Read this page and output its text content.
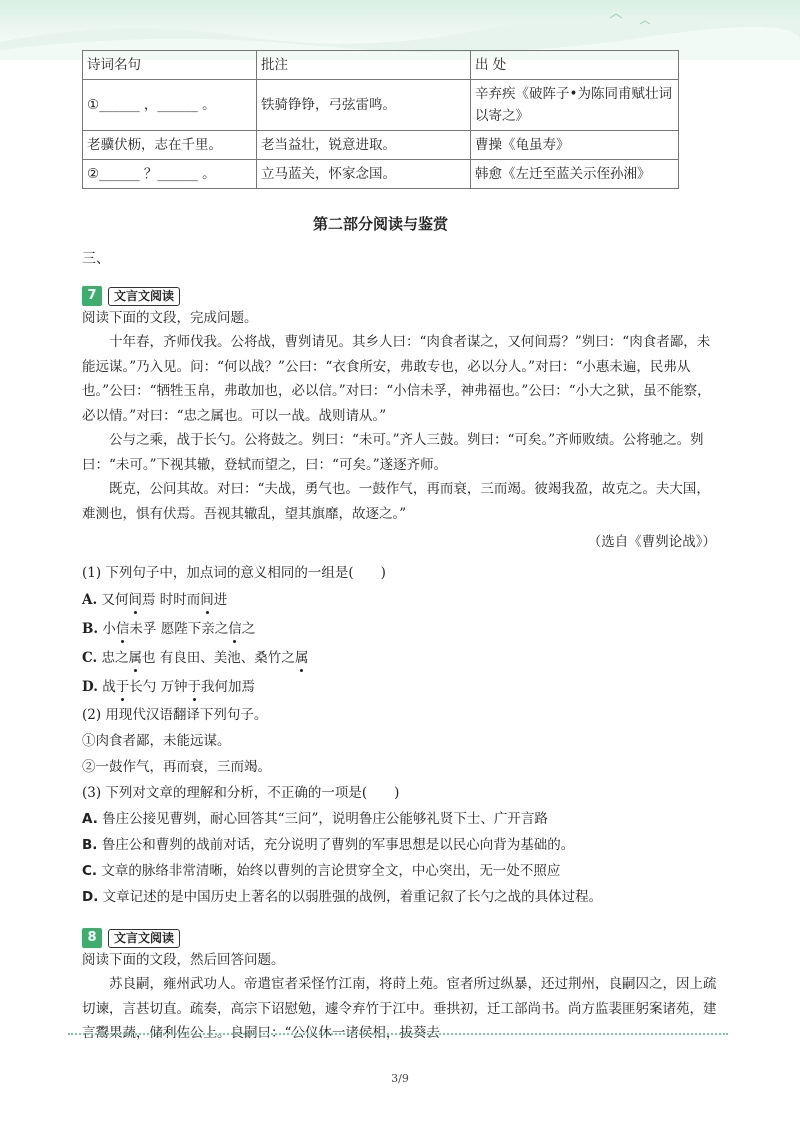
诗词名句	批注	出 处
①______ ，______ 。	铁骑铮铮，弓弦雷鸣。	辛弃疾《破阵子•为陈同甫赋壮词以寄之》
老骥伏枥，志在千里。	老当益壮，锐意进取。	曹操《龟虽寿》
②______ ？______ 。	立马蓝关，怀家念国。	韩愈《左迁至蓝关示侄孙湘》
第二部分阅读与鉴赏
三、
7	文言文阅读
阅读下面的文段，完成问题。
十年春，齐师伐我。公将战，曹刿请见。其乡人曰：“肉食者谋之，又何间焉？”刿曰：“肉食者鄙，未能远谋。”乃入见。问：“何以战？”公曰：“衣食所安，弗敢专也，必以分人。”对曰：“小惠未遍，民弗从也。”公曰：“牺牲玉帛，弗敢加也，必以信。”对曰：“小信未孚，神弗福也。”公曰：“小大之狱，虽不能察，必以情。”对曰：“忠之属也。可以一战。战则请从。”
公与之乘，战于长勺。公将鼓之。刿曰：“未可。”齐人三鼓。刿曰：“可矣。”齐师败绩。公将驰之。刿曰：“未可。”下视其辙，登轼而望之，曰：“可矣。”遂逐齐师。
既克，公问其故。对曰：“夫战，勇气也。一鼓作气，再而衰，三而竭。彼竭我盈，故克之。夫大国，难测也，惧有伏焉。吾视其辙乱，望其旗靡，故逐之。”
（选自《曹刿论战》）
(1) 下列句子中，加点词的意义相同的一组是(　　)
A. 又何间焉 时时而间进
B. 小信未孚 愿陛下亲之信之
C. 忠之属也 有良田、美池、桑竹之属
D. 战于长勺 万钟于我何加焉
(2) 用现代汉语翻译下列句子。
①肉食者鄙，未能远谋。
②一鼓作气，再而衰，三而竭。
(3) 下列对文章的理解和分析，不正确的一项是(　　)
A. 鲁庄公接见曹刿，耐心回答其“三问”，说明鲁庄公能够礼贤下士、广开言路
B. 鲁庄公和曹刿的战前对话，充分说明了曹刿的军事思想是以民心向背为基础的。
C. 文章的脉络非常清晰，始终以曹刿的言论贯穿全文，中心突出，无一处不照应
D. 文章记述的是中国历史上著名的以弱胜强的战例，着重记叙了长勺之战的具体过程。
8	文言文阅读
阅读下面的文段，然后回答问题。
苏良嗣，雍州武功人。帝遣宦者采怪竹江南，将莳上苑。宦者所过纵暴，还过荆州，良嗣囚之，因上疏切谏，言甚切直。疏奏，高宗下诏慰勉，遽令弃竹于江中。垂拱初，迁工部尚书。尚方监裴匪躬案诸苑，建言鬻果蔬，储利佐公上。良嗣曰：“公仪休一诸侯相，拔葵去
3/9
